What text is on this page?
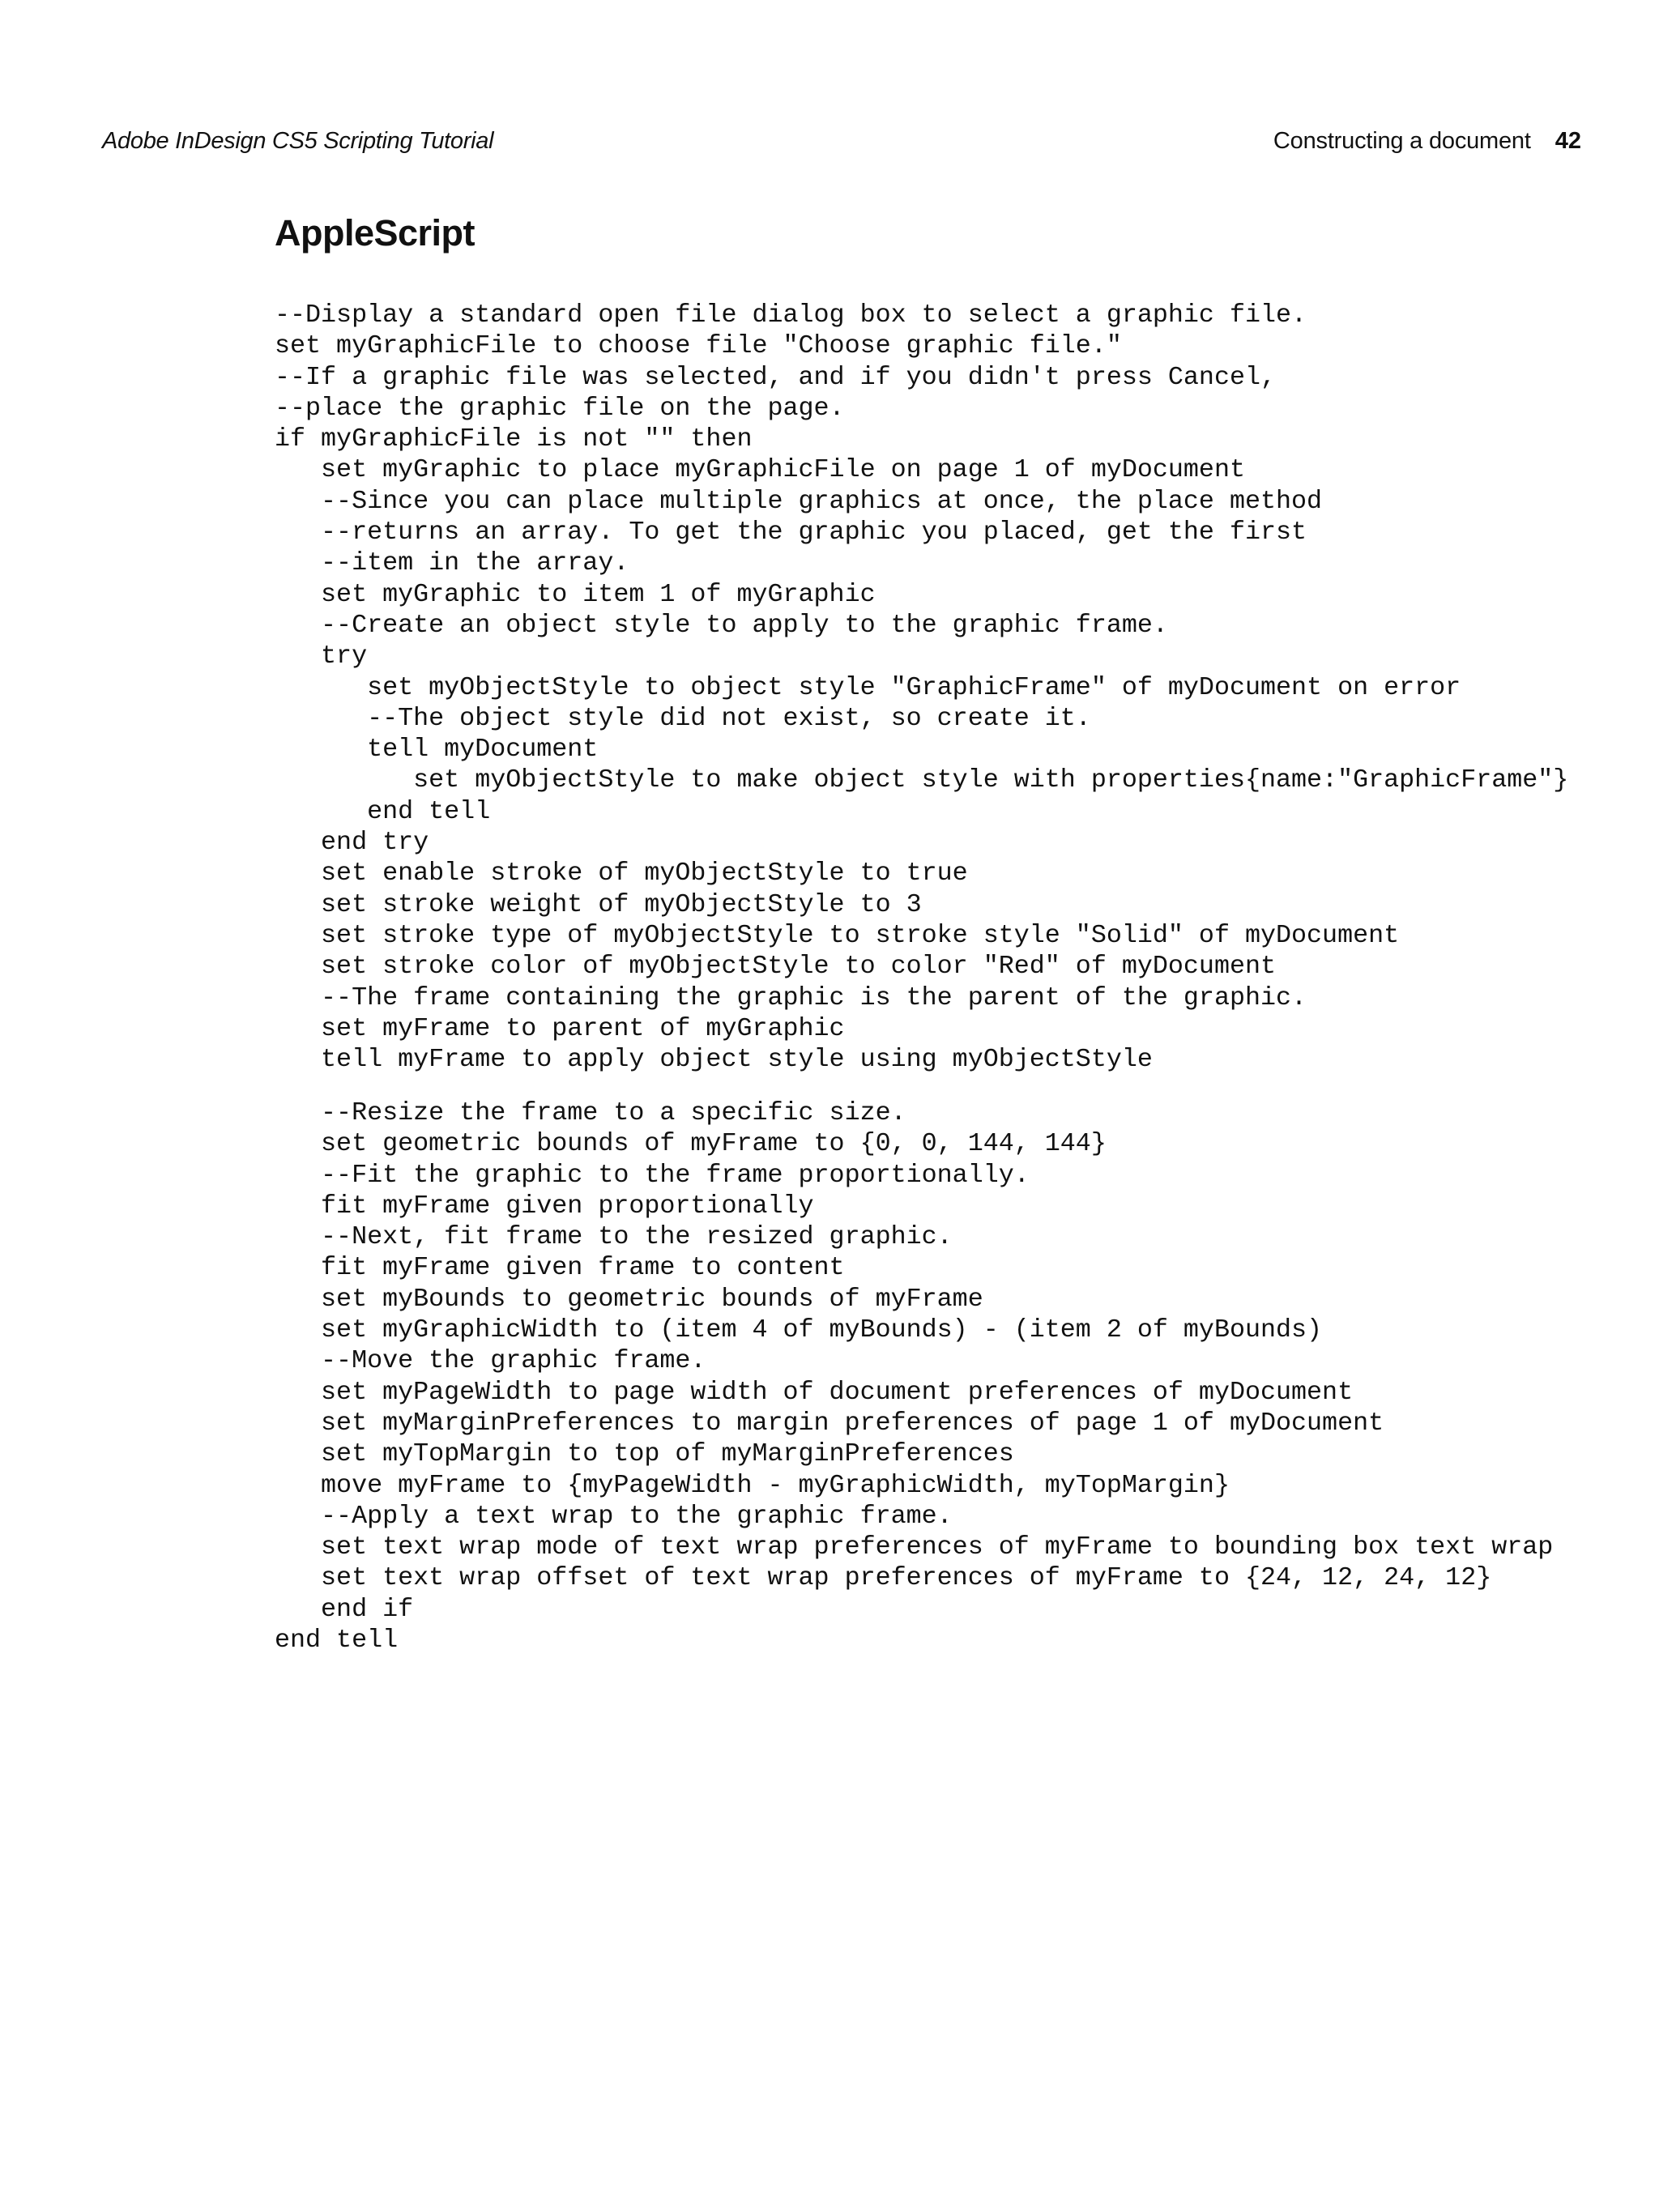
Adobe InDesign CS5 Scripting Tutorial	Constructing a document 42
AppleScript
--Display a standard open file dialog box to select a graphic file.
set myGraphicFile to choose file "Choose graphic file."
--If a graphic file was selected, and if you didn't press Cancel,
--place the graphic file on the page.
if myGraphicFile is not "" then
set myGraphic to place myGraphicFile on page 1 of myDocument
--Since you can place multiple graphics at once, the place method
--returns an array. To get the graphic you placed, get the first
--item in the array.
set myGraphic to item 1 of myGraphic
--Create an object style to apply to the graphic frame.
try
set myObjectStyle to object style "GraphicFrame" of myDocument on error
--The object style did not exist, so create it.
tell myDocument
set myObjectStyle to make object style with properties{name:"GraphicFrame"}
end tell
end try
set enable stroke of myObjectStyle to true
set stroke weight of myObjectStyle to 3
set stroke type of myObjectStyle to stroke style "Solid" of myDocument
set stroke color of myObjectStyle to color "Red" of myDocument
--The frame containing the graphic is the parent of the graphic.
set myFrame to parent of myGraphic
tell myFrame to apply object style using myObjectStyle
--Resize the frame to a specific size.
set geometric bounds of myFrame to {0, 0, 144, 144}
--Fit the graphic to the frame proportionally.
fit myFrame given proportionally
--Next, fit frame to the resized graphic.
fit myFrame given frame to content
set myBounds to geometric bounds of myFrame
set myGraphicWidth to (item 4 of myBounds) - (item 2 of myBounds)
--Move the graphic frame.
set myPageWidth to page width of document preferences of myDocument
set myMarginPreferences to margin preferences of page 1 of myDocument
set myTopMargin to top of myMarginPreferences
move myFrame to {myPageWidth - myGraphicWidth, myTopMargin}
--Apply a text wrap to the graphic frame.
set text wrap mode of text wrap preferences of myFrame to bounding box text wrap
set text wrap offset of text wrap preferences of myFrame to {24, 12, 24, 12}
end if
end tell
